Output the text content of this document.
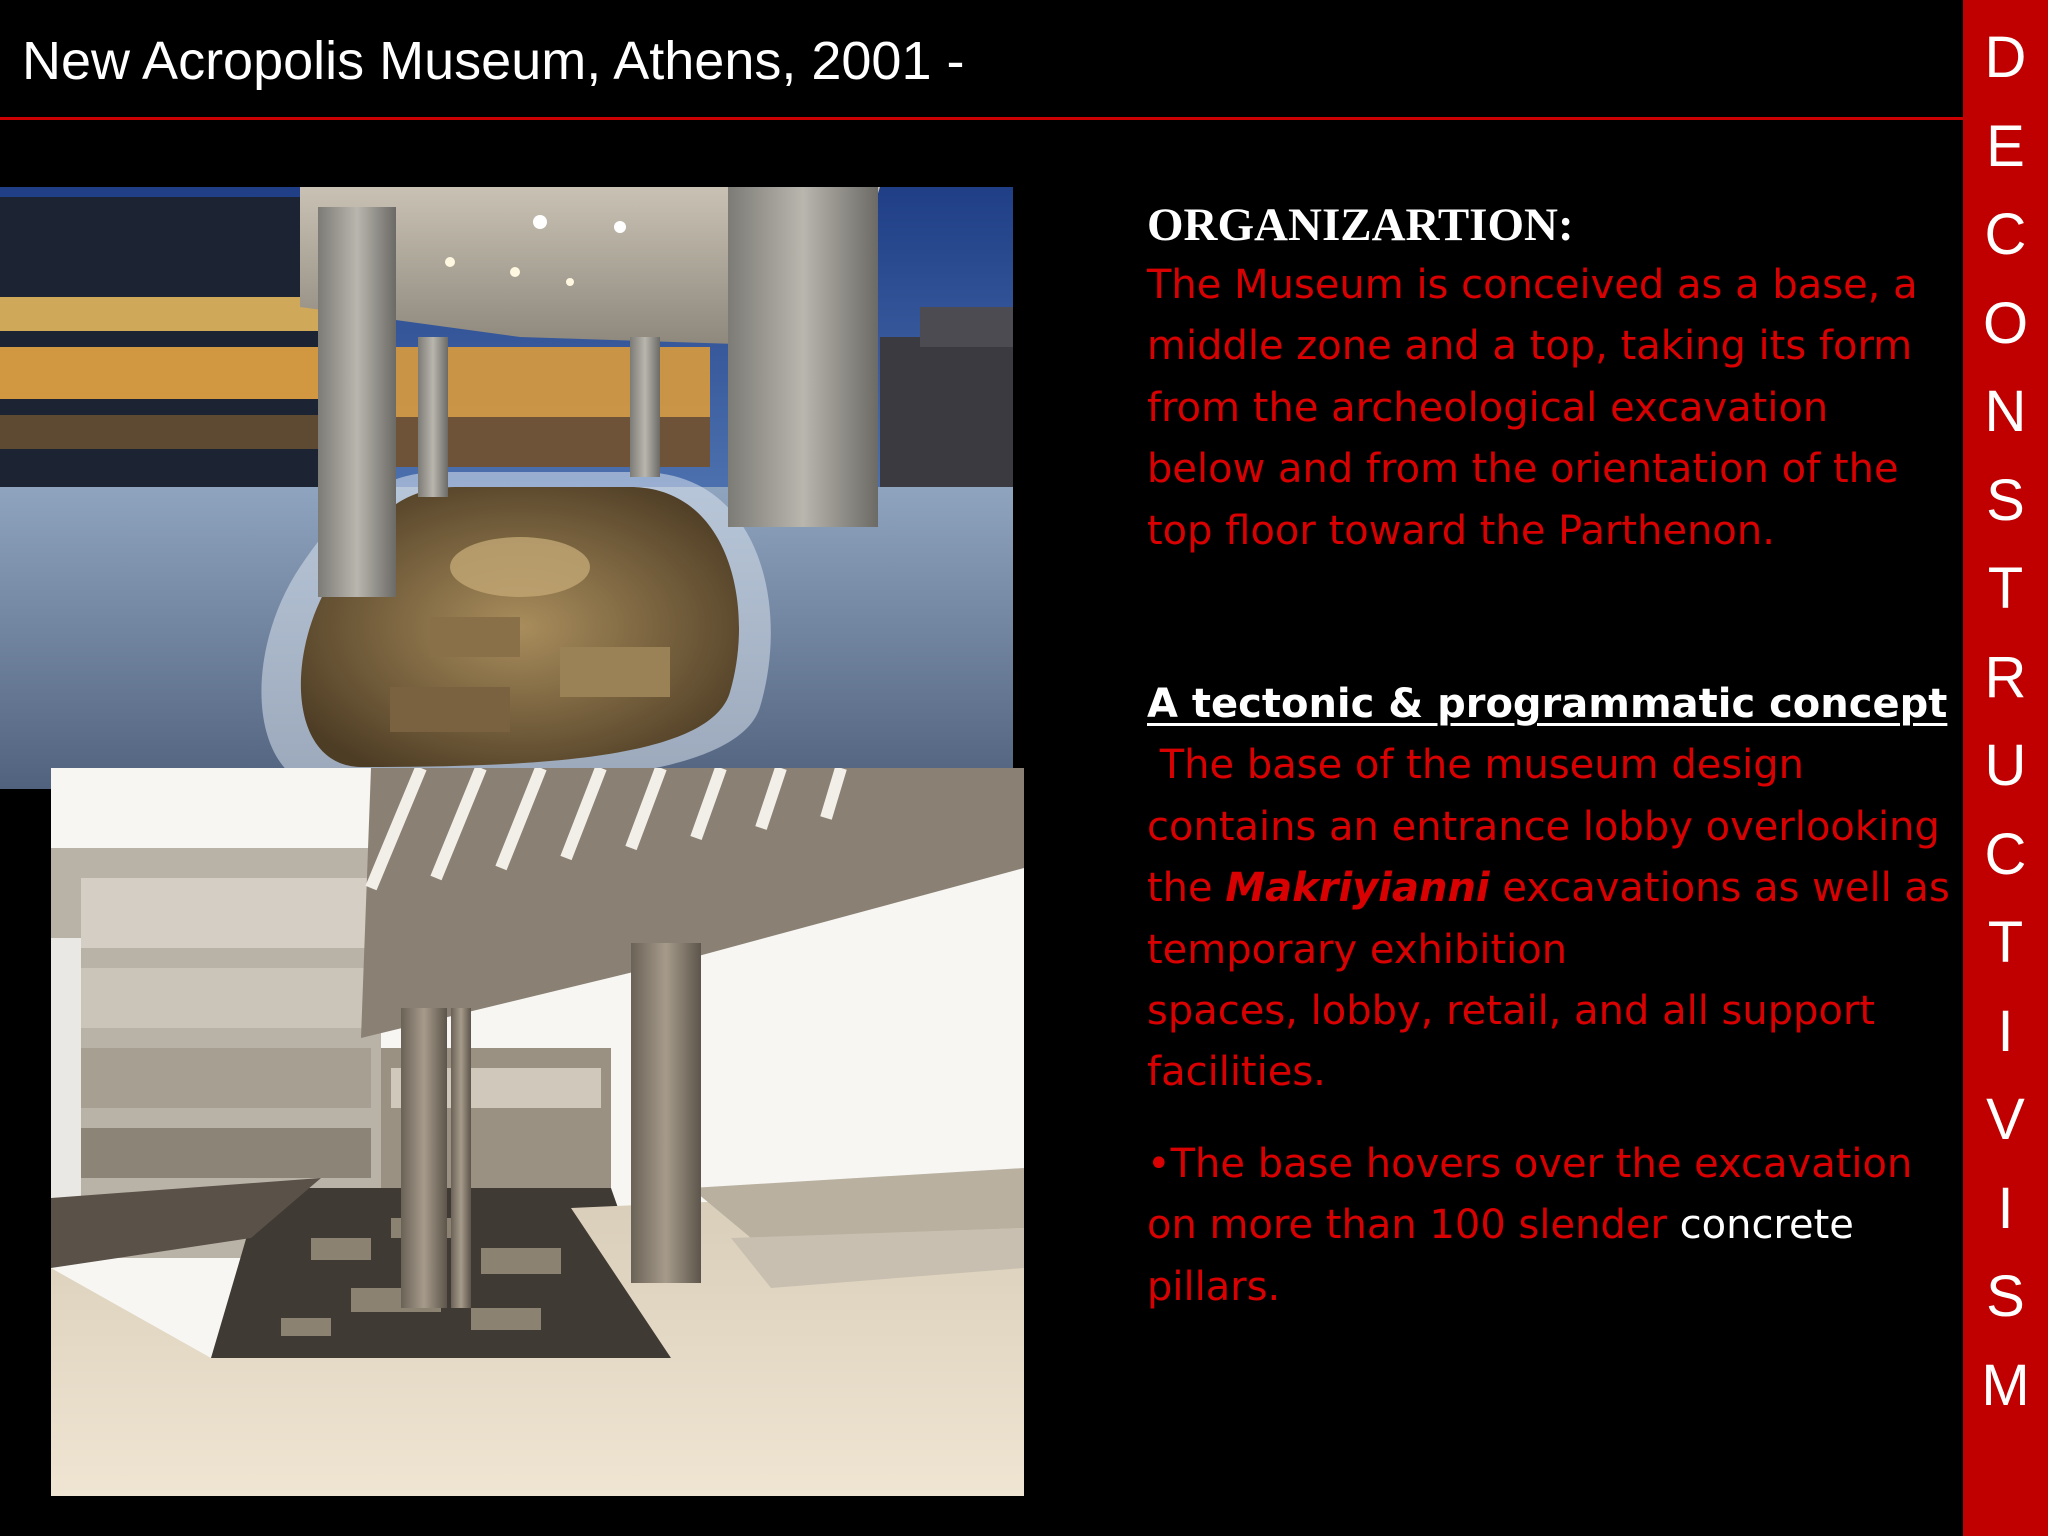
New Acropolis Museum, Athens, 2001 -	D
E
C
O
N
S
T
R
U
C
T
I
V
I
S
M
ORGANIZARTION:

The Museum is conceived as a base, a
middle zone and a top, taking its form
from the archeological excavation
below and from the orientation of the
top floor toward the Parthenon.

A tectonic & programmatic concept

The base of the museum design
contains an entrance lobby overlooking
the Makriyianni excavations as well as
temporary exhibition
spaces, lobby, retail, and all support
facilities.

•The base hovers over the excavation
on more than 100 slender concrete
pillars.
